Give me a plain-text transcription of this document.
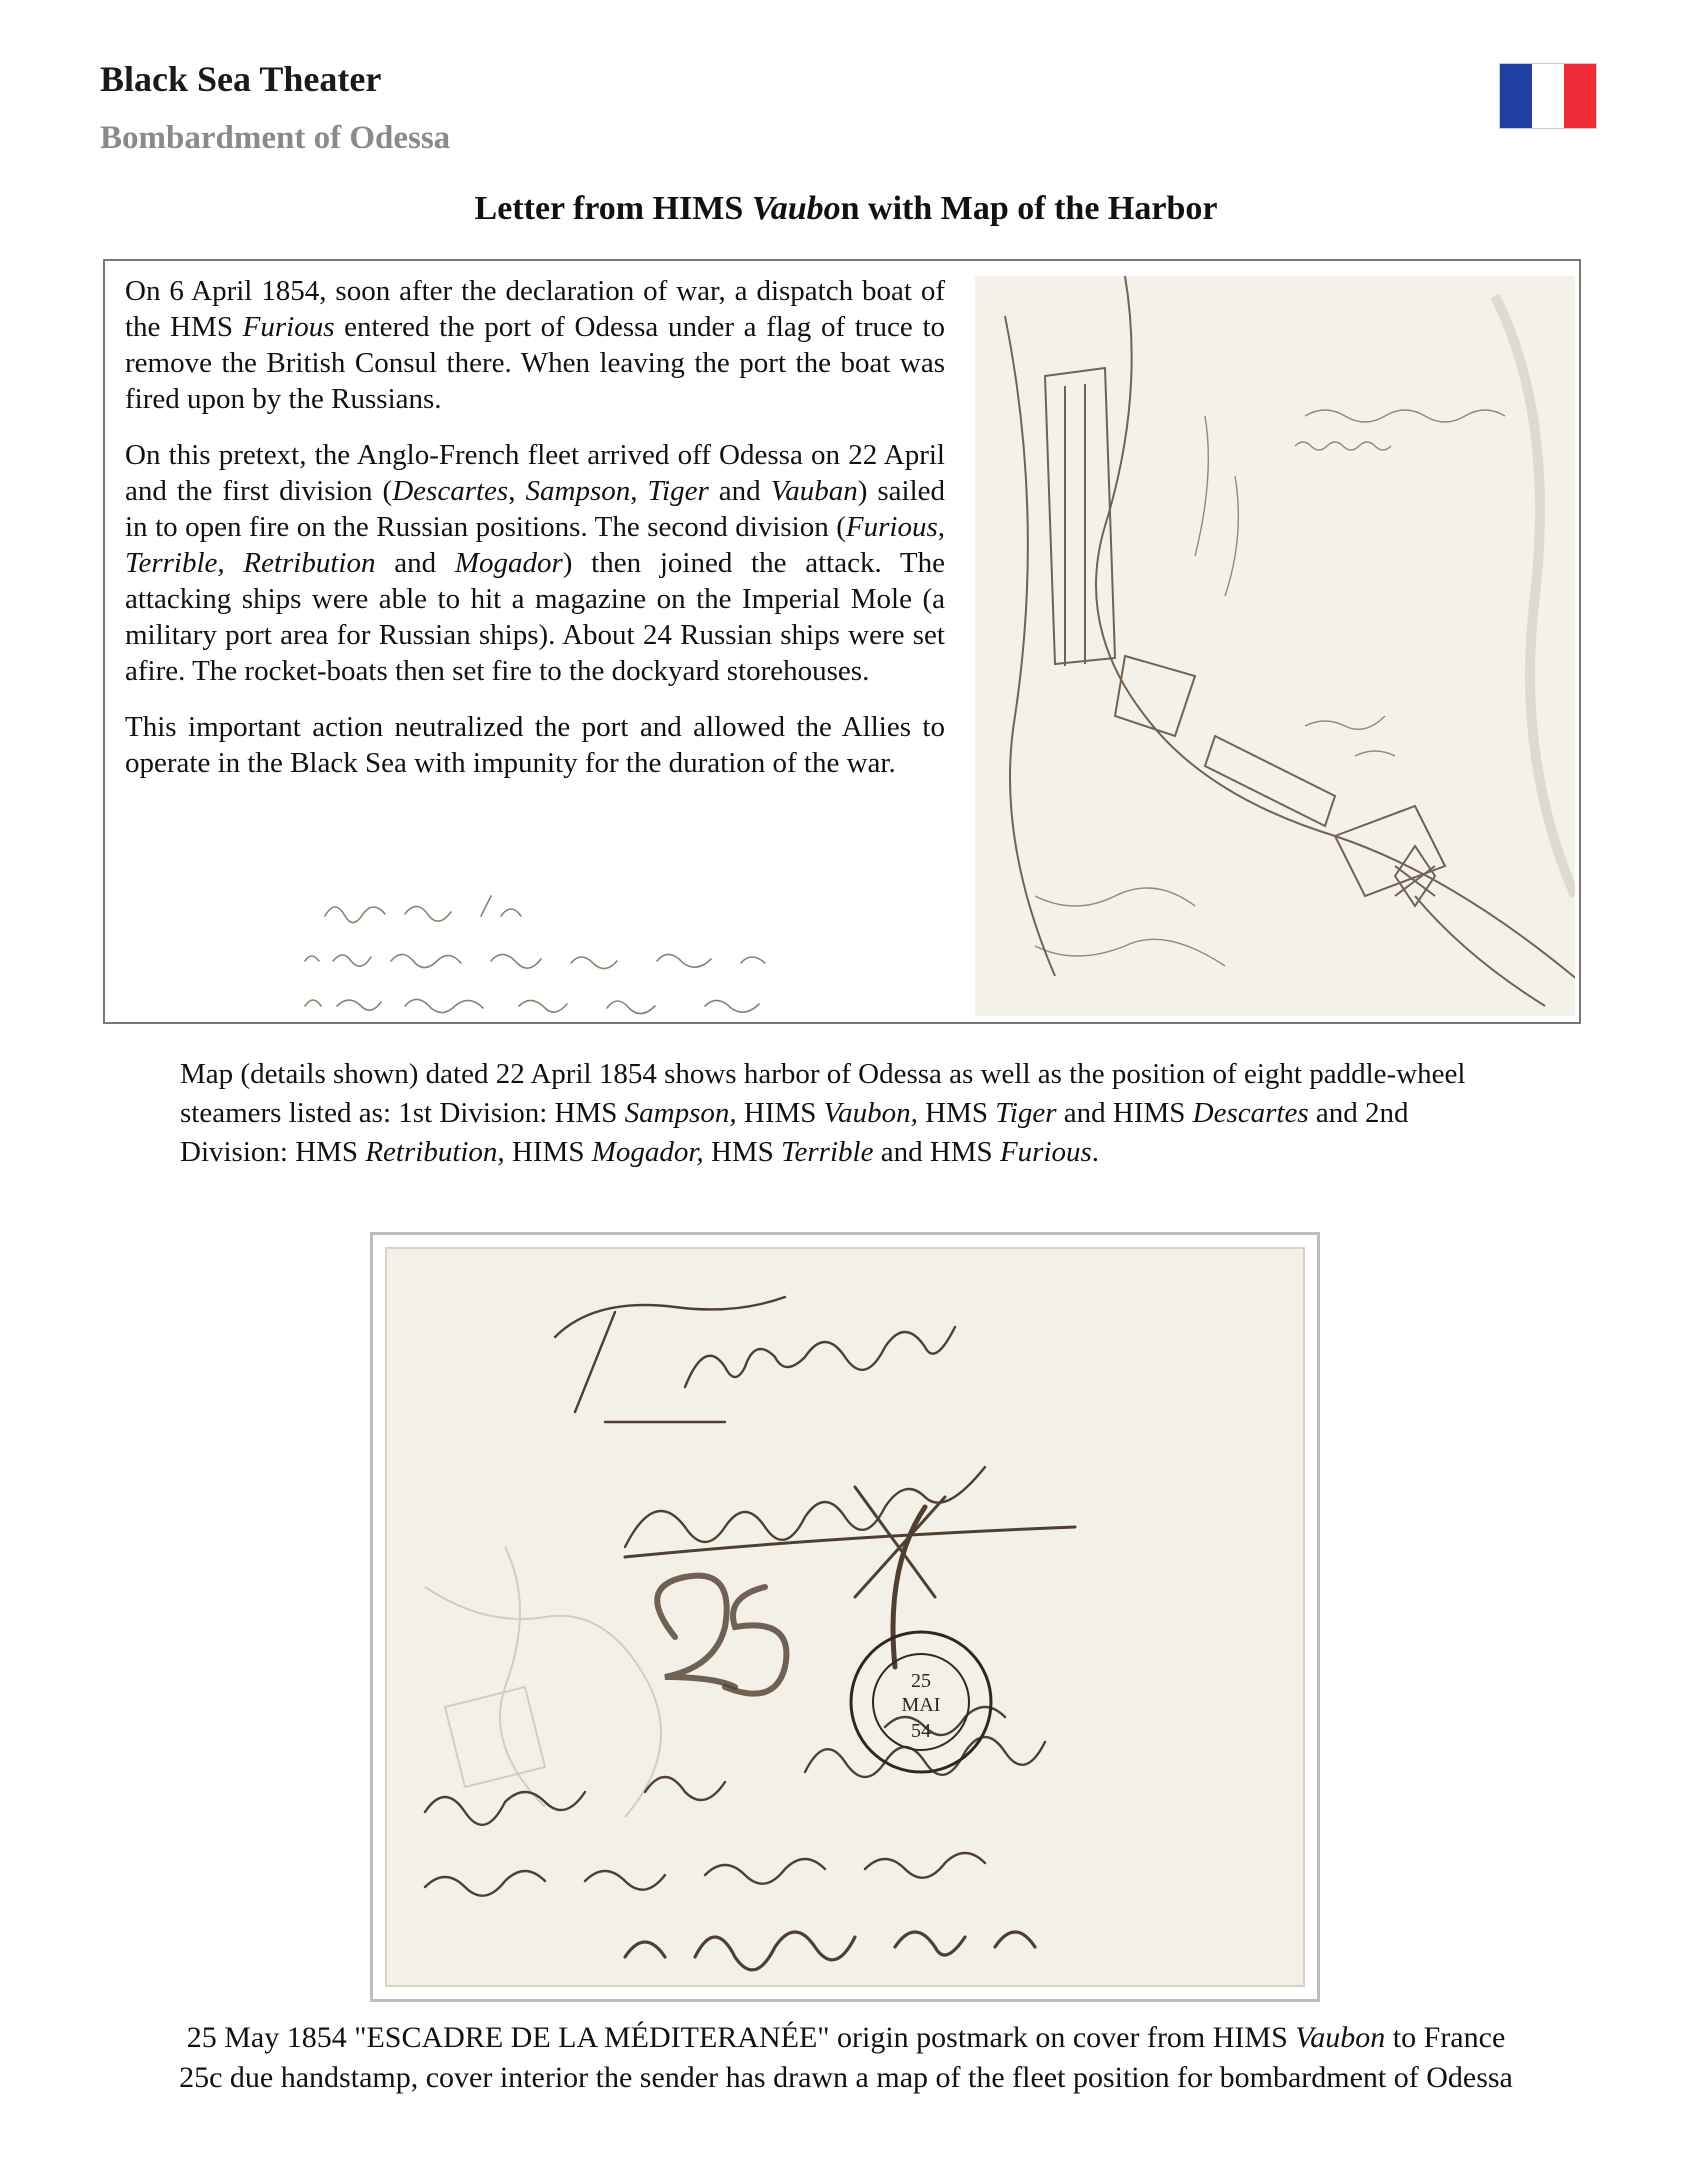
Black Sea Theater
Bombardment of Odessa
Letter from HIMS Vaubon with Map of the Harbor

On 6 April 1854, soon after the declaration of war, a dispatch boat of the HMS Furious entered the port of Odessa under a flag of truce to remove the British Consul there. When leaving the port the boat was fired upon by the Russians.

On this pretext, the Anglo-French fleet arrived off Odessa on 22 April and the first division (Descartes, Sampson, Tiger and Vauban) sailed in to open fire on the Russian positions. The second division (Furious, Terrible, Retribution and Mogador) then joined the attack. The attacking ships were able to hit a magazine on the Imperial Mole (a military port area for Russian ships). About 24 Russian ships were set afire. The rocket-boats then set fire to the dockyard storehouses.

This important action neutralized the port and allowed the Allies to operate in the Black Sea with impunity for the duration of the war.

Map (details shown) dated 22 April 1854 shows harbor of Odessa as well as the position of eight paddle-wheel steamers listed as: 1st Division: HMS Sampson, HIMS Vaubon, HMS Tiger and HIMS Descartes and 2nd Division: HMS Retribution, HIMS Mogador, HMS Terrible and HMS Furious.
25
MAI
54
25 May 1854 "ESCADRE DE LA MÉDITERANÉE" origin postmark on cover from HIMS Vaubon to France
25c due handstamp, cover interior the sender has drawn a map of the fleet position for bombardment of Odessa
